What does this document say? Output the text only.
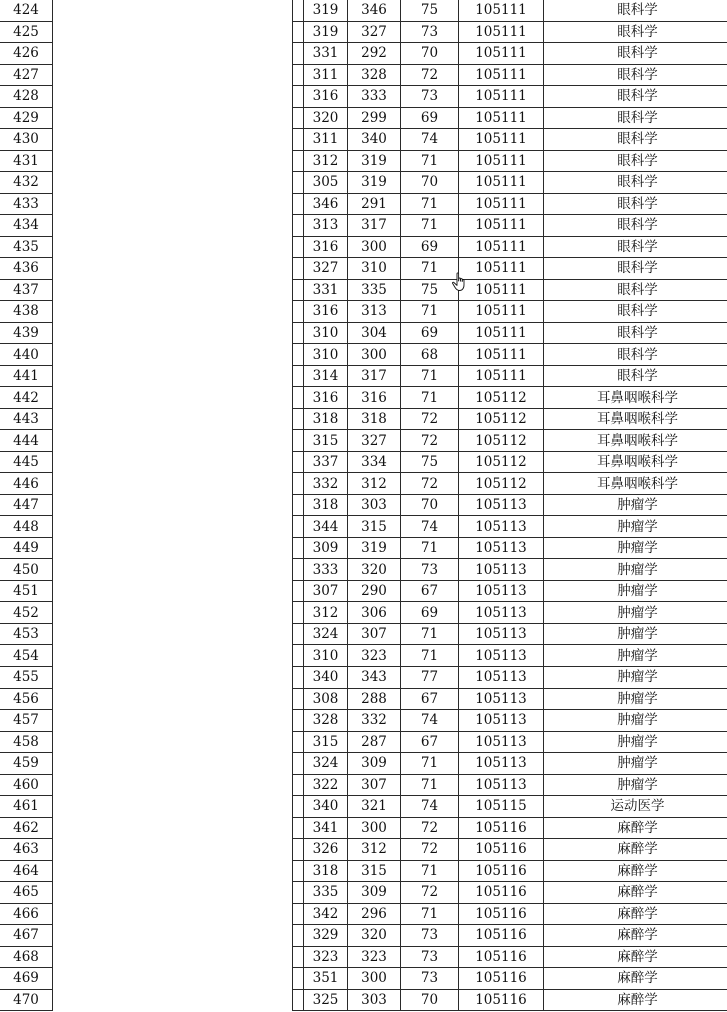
424			319	346	75	105111	眼科学
425			319	327	73	105111	眼科学
426			331	292	70	105111	眼科学
427			311	328	72	105111	眼科学
428			316	333	73	105111	眼科学
429			320	299	69	105111	眼科学
430			311	340	74	105111	眼科学
431			312	319	71	105111	眼科学
432			305	319	70	105111	眼科学
433			346	291	71	105111	眼科学
434			313	317	71	105111	眼科学
435			316	300	69	105111	眼科学
436			327	310	71	105111	眼科学
437			331	335	75	105111	眼科学
438			316	313	71	105111	眼科学
439			310	304	69	105111	眼科学
440			310	300	68	105111	眼科学
441			314	317	71	105111	眼科学
442			316	316	71	105112	耳鼻咽喉科学
443			318	318	72	105112	耳鼻咽喉科学
444			315	327	72	105112	耳鼻咽喉科学
445			337	334	75	105112	耳鼻咽喉科学
446			332	312	72	105112	耳鼻咽喉科学
447			318	303	70	105113	肿瘤学
448			344	315	74	105113	肿瘤学
449			309	319	71	105113	肿瘤学
450			333	320	73	105113	肿瘤学
451			307	290	67	105113	肿瘤学
452			312	306	69	105113	肿瘤学
453			324	307	71	105113	肿瘤学
454			310	323	71	105113	肿瘤学
455			340	343	77	105113	肿瘤学
456			308	288	67	105113	肿瘤学
457			328	332	74	105113	肿瘤学
458			315	287	67	105113	肿瘤学
459			324	309	71	105113	肿瘤学
460			322	307	71	105113	肿瘤学
461			340	321	74	105115	运动医学
462			341	300	72	105116	麻醉学
463			326	312	72	105116	麻醉学
464			318	315	71	105116	麻醉学
465			335	309	72	105116	麻醉学
466			342	296	71	105116	麻醉学
467			329	320	73	105116	麻醉学
468			323	323	73	105116	麻醉学
469			351	300	73	105116	麻醉学
470			325	303	70	105116	麻醉学
